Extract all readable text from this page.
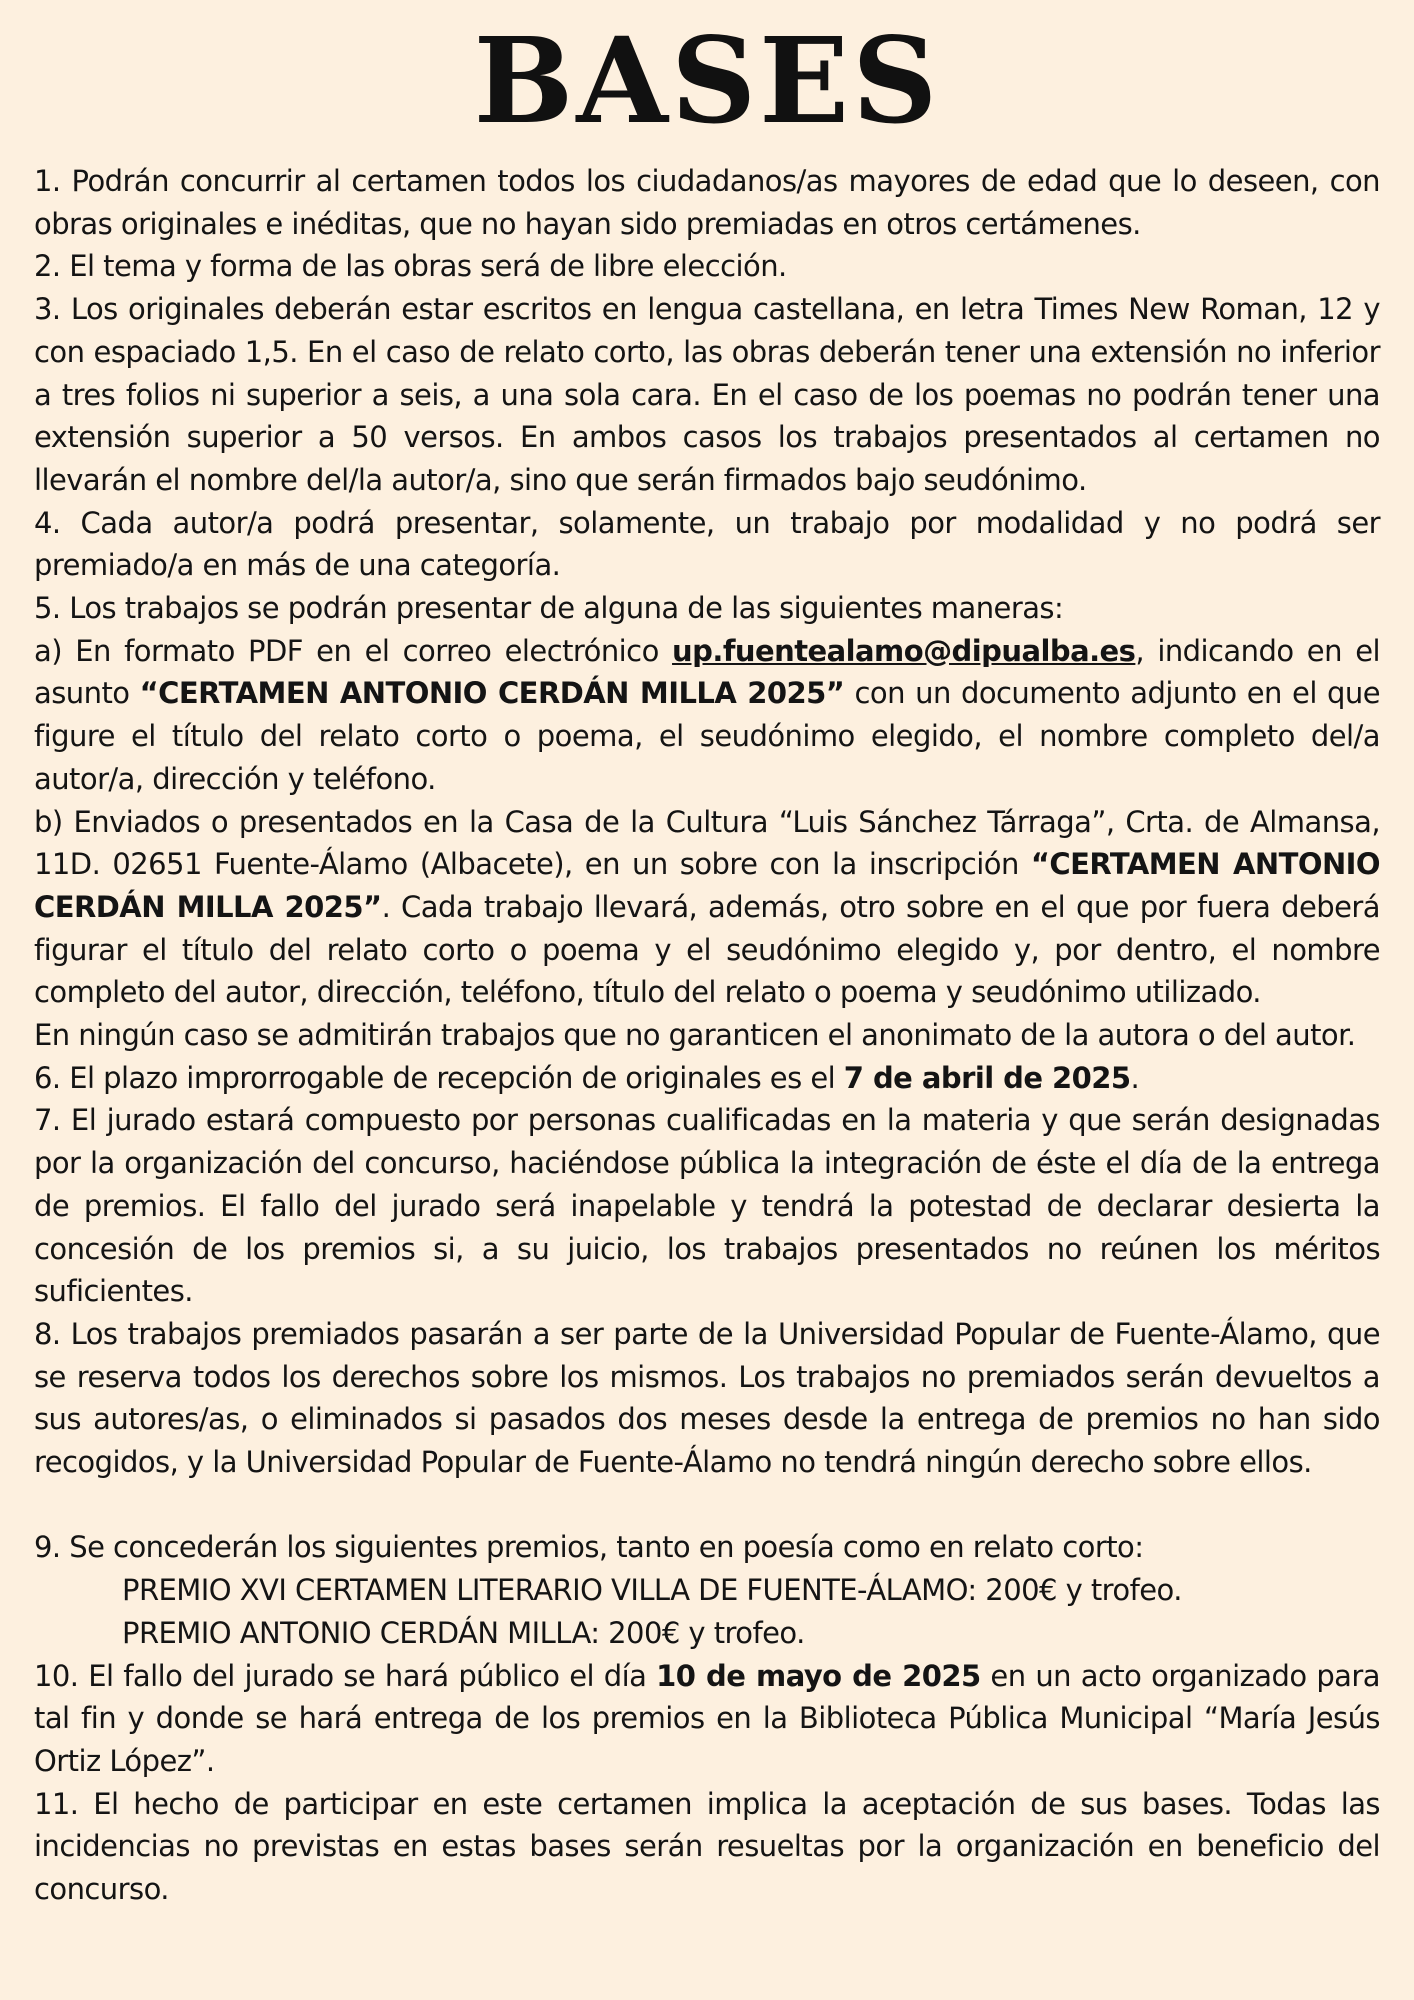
BASES

1. Podrán concurrir al certamen todos los ciudadanos/as mayores de edad que lo deseen, con obras originales e inéditas, que no hayan sido premiadas en otros certámenes.

2. El tema y forma de las obras será de libre elección.

3. Los originales deberán estar escritos en lengua castellana, en letra Times New Roman, 12 y con espaciado 1,5. En el caso de relato corto, las obras deberán tener una extensión no inferior a tres folios ni superior a seis, a una sola cara. En el caso de los poemas no podrán tener una extensión superior a 50 versos. En ambos casos los trabajos presentados al certamen no llevarán el nombre del/la autor/a, sino que serán firmados bajo seudónimo.

4. Cada autor/a podrá presentar, solamente, un trabajo por modalidad y no podrá ser premiado/a en más de una categoría.

5. Los trabajos se podrán presentar de alguna de las siguientes maneras:

a) En formato PDF en el correo electrónico up.fuentealamo@dipualba.es, indicando en el asunto “CERTAMEN ANTONIO CERDÁN MILLA 2025” con un documento adjunto en el que figure el título del relato corto o poema, el seudónimo elegido, el nombre completo del/a autor/a, dirección y teléfono.

b) Enviados o presentados en la Casa de la Cultura “Luis Sánchez Tárraga”, Crta. de Almansa, 11D. 02651 Fuente-Álamo (Albacete), en un sobre con la inscripción “CERTAMEN ANTONIO CERDÁN MILLA 2025”. Cada trabajo llevará, además, otro sobre en el que por fuera deberá figurar el título del relato corto o poema y el seudónimo elegido y, por dentro, el nombre completo del autor, dirección, teléfono, título del relato o poema y seudónimo utilizado.

En ningún caso se admitirán trabajos que no garanticen el anonimato de la autora o del autor.

6. El plazo improrrogable de recepción de originales es el 7 de abril de 2025.

7. El jurado estará compuesto por personas cualificadas en la materia y que serán designadas por la organización del concurso, haciéndose pública la integración de éste el día de la entrega de premios. El fallo del jurado será inapelable y tendrá la potestad de declarar desierta la concesión de los premios si, a su juicio, los trabajos presentados no reúnen los méritos suficientes.

8. Los trabajos premiados pasarán a ser parte de la Universidad Popular de Fuente-Álamo, que se reserva todos los derechos sobre los mismos. Los trabajos no premiados serán devueltos a sus autores/as, o eliminados si pasados dos meses desde la entrega de premios no han sido recogidos, y la Universidad Popular de Fuente-Álamo no tendrá ningún derecho sobre ellos.

9. Se concederán los siguientes premios, tanto en poesía como en relato corto:

PREMIO XVI CERTAMEN LITERARIO VILLA DE FUENTE-ÁLAMO: 200€ y trofeo.

PREMIO ANTONIO CERDÁN MILLA: 200€ y trofeo.

10. El fallo del jurado se hará público el día 10 de mayo de 2025 en un acto organizado para tal fin y donde se hará entrega de los premios en la Biblioteca Pública Municipal “María Jesús Ortiz López”.

11. El hecho de participar en este certamen implica la aceptación de sus bases. Todas las incidencias no previstas en estas bases serán resueltas por la organización en beneficio del concurso.
